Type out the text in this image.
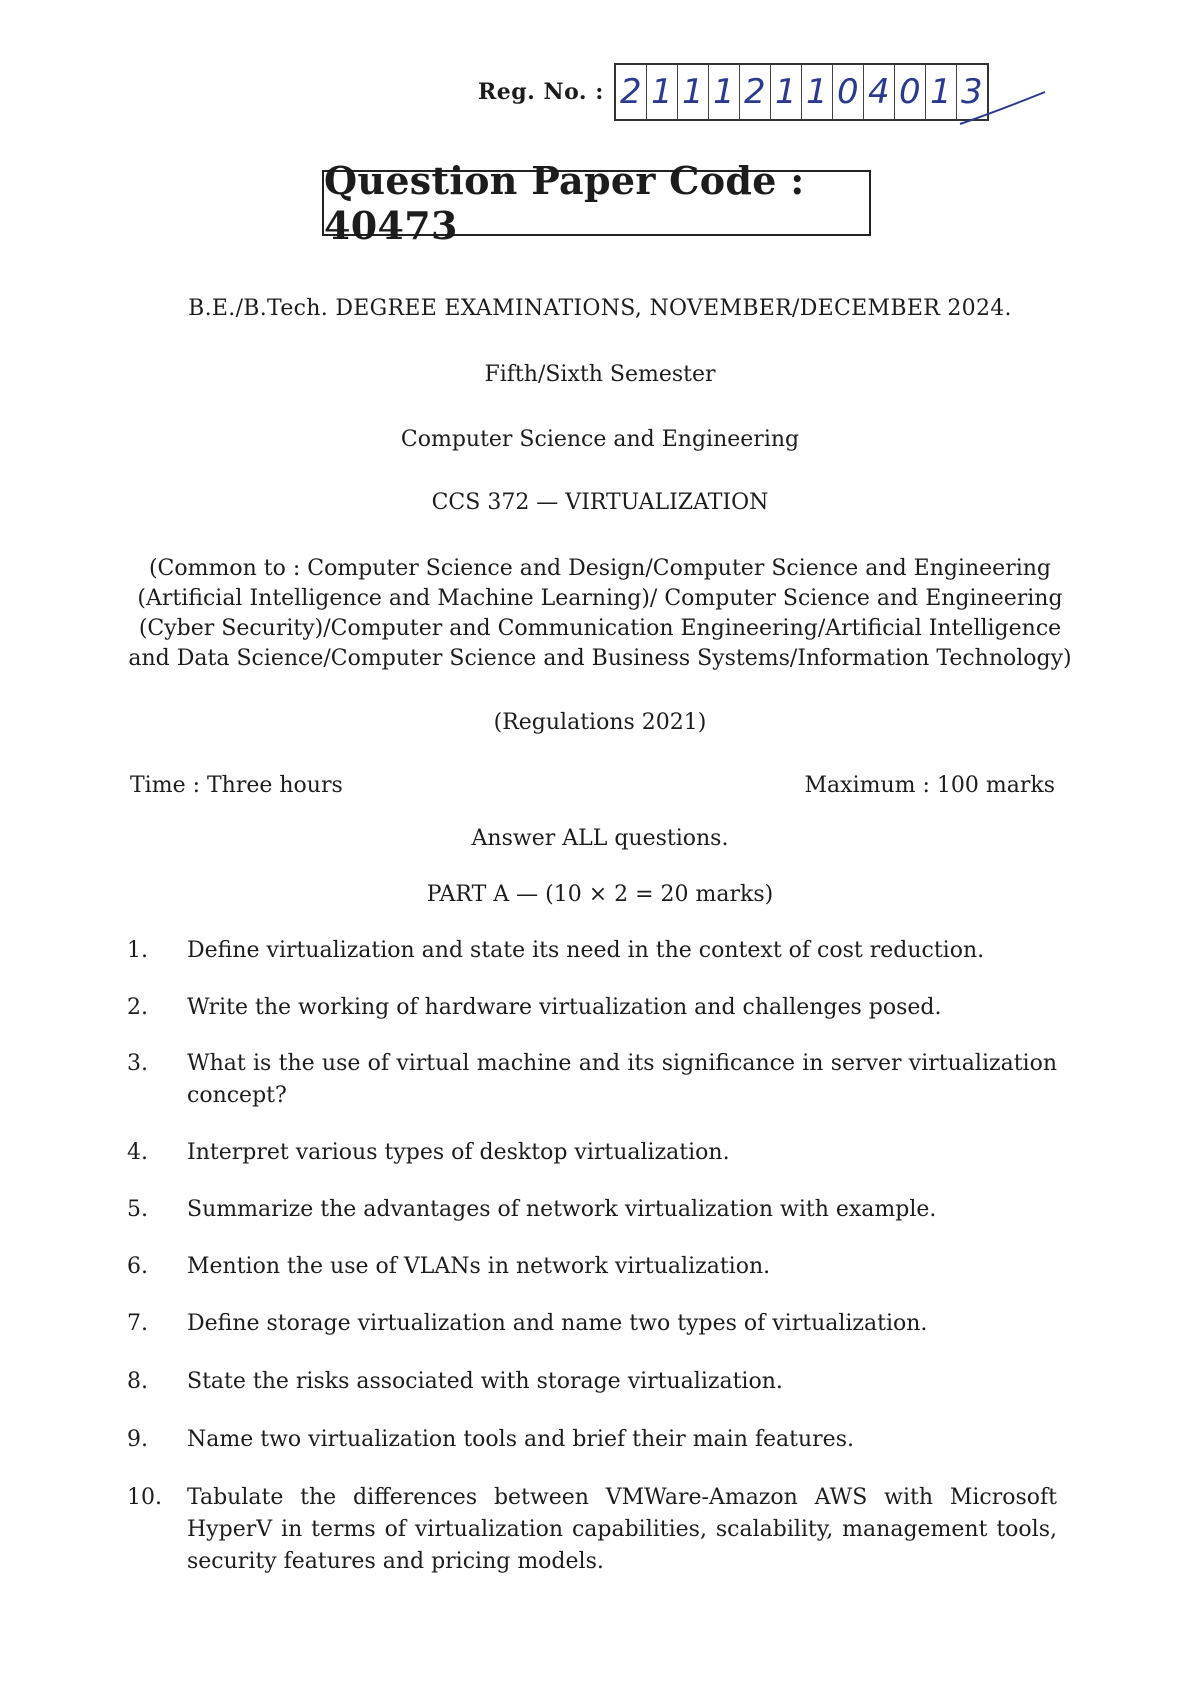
Reg. No. : 2 1 1 1 2 1 1 0 4 0 1 3
Question Paper Code : 40473
B.E./B.Tech. DEGREE EXAMINATIONS, NOVEMBER/DECEMBER 2024.
Fifth/Sixth Semester
Computer Science and Engineering
CCS 372 — VIRTUALIZATION
(Common to : Computer Science and Design/Computer Science and Engineering
(Artificial Intelligence and Machine Learning)/ Computer Science and Engineering
(Cyber Security)/Computer and Communication Engineering/Artificial Intelligence
and Data Science/Computer Science and Business Systems/Information Technology)
(Regulations 2021)
Time : Three hours	Maximum : 100 marks
Answer ALL questions.
PART A — (10 × 2 = 20 marks)
1.	Define virtualization and state its need in the context of cost reduction.
2.	Write the working of hardware virtualization and challenges posed.
3.	What is the use of virtual machine and its significance in server virtualization concept?
4.	Interpret various types of desktop virtualization.
5.	Summarize the advantages of network virtualization with example.
6.	Mention the use of VLANs in network virtualization.
7.	Define storage virtualization and name two types of virtualization.
8.	State the risks associated with storage virtualization.
9.	Name two virtualization tools and brief their main features.
10. Tabulate the differences between VMWare-Amazon AWS with Microsoft HyperV in terms of virtualization capabilities, scalability, management tools, security features and pricing models.
